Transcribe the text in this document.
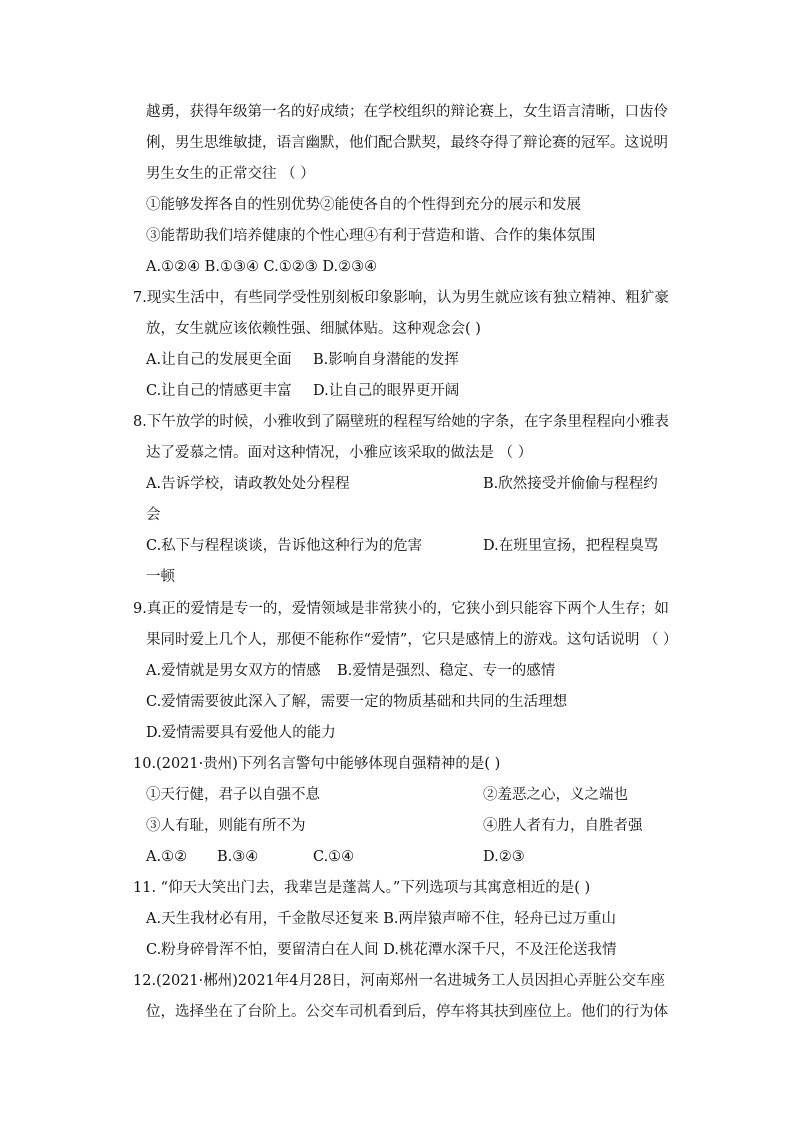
越勇，获得年级第一名的好成绩；在学校组织的辩论赛上，女生语言清晰，口齿伶
俐，男生思维敏捷，语言幽默，他们配合默契，最终夺得了辩论赛的冠军。这说明
男生女生的正常交往 （ ）
①能够发挥各自的性别优势②能使各自的个性得到充分的展示和发展
③能帮助我们培养健康的个性心理④有利于营造和谐、合作的集体氛围
A.①②④ B.①③④ C.①②③ D.②③④
7.现实生活中，有些同学受性别刻板印象影响，认为男生就应该有独立精神、粗犷豪
放，女生就应该依赖性强、细腻体贴。这种观念会( )
A.让自己的发展更全面 B.影响自身潜能的发挥
C.让自己的情感更丰富 D.让自己的眼界更开阔
8.下午放学的时候，小雅收到了隔壁班的程程写给她的字条，在字条里程程向小雅表
达了爱慕之情。面对这种情况，小雅应该采取的做法是 （ ）
A.告诉学校，请政教处处分程程	B.欣然接受并偷偷与程程约
会
C.私下与程程谈谈，告诉他这种行为的危害	D.在班里宣扬，把程程臭骂
一顿
9.真正的爱情是专一的，爱情领域是非常狭小的，它狭小到只能容下两个人生存；如
果同时爱上几个人，那便不能称作“爱情”，它只是感情上的游戏。这句话说明 （ ）
A.爱情就是男女双方的情感 B.爱情是强烈、稳定、专一的感情
C.爱情需要彼此深入了解，需要一定的物质基础和共同的生活理想
D.爱情需要具有爱他人的能力
10.(2021·贵州)下列名言警句中能够体现自强精神的是( )
①天行健，君子以自强不息	②羞恶之心，义之端也
③人有耻，则能有所不为	④胜人者有力，自胜者强
A.①② B.③④	C.①④	D.②③
11. “仰天大笑出门去，我辈岂是蓬蒿人。”下列选项与其寓意相近的是( )
A.天生我材必有用，千金散尽还复来 B.两岸猿声啼不住，轻舟已过万重山
C.粉身碎骨浑不怕，要留清白在人间 D.桃花潭水深千尺，不及汪伦送我情
12.(2021·郴州)2021年4月28日，河南郑州一名进城务工人员因担心弄脏公交车座
位，选择坐在了台阶上。公交车司机看到后，停车将其扶到座位上。他们的行为体
